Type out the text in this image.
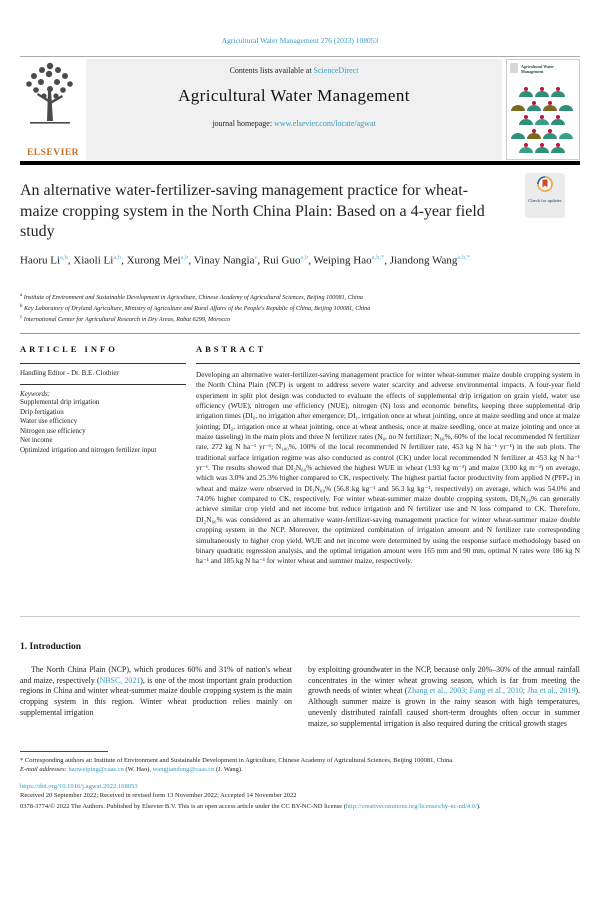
Agricultural Water Management 276 (2023) 108053
ELSEVIER
Contents lists available at ScienceDirect
Agricultural Water Management
journal homepage: www.elsevier.com/locate/agwat
Agricultural Water Management
An alternative water-fertilizer-saving management practice for wheat-maize cropping system in the North China Plain: Based on a 4-year field study
Check for updates

Haoru Li$^{a,b}$, Xiaoli Li$^{a,b}$, Xurong Mei$^{a,b}$, Vinay Nangia$^c$, Rui Guo$^{a,b}$, Weiping Hao$^{a,b,*}$, Jiandong Wang$^{a,b,*}$

$^a$ Institute of Environment and Sustainable Development in Agriculture, Chinese Academy of Agricultural Sciences, Beijing 100081, China
$^b$ Key Laboratory of Dryland Agriculture, Ministry of Agriculture and Rural Affairs of the People's Republic of China, Beijing 100081, China
$^c$ International Center for Agricultural Research in Dry Areas, Rabat 6299, Morocco
ARTICLE INFO
Handling Editor - Dr. B.E. Clothier
Keywords:
Supplemental drip irrigation
Drip fertigation
Water use efficiency
Nitrogen use efficiency
Net income
Optimized irrigation and nitrogen fertilizer input
ABSTRACT
Developing an alternative water-fertilizer-saving management practice for winter wheat-summer maize double cropping system in the North China Plain (NCP) is urgent to address severe water scarcity and adverse environmental impacts. A four-year field experiment in split plot design was conducted to evaluate the effects of supplemental drip irrigation on grain yield, water use efficiency (WUE), nitrogen use efficiency (NUE), nitrogen (N) loss and economic benefits, keeping three supplemental drip irrigation times (DI₀, no irrigation after emergence; DI₁, irrigation once at wheat jointing, once at maize seedling and once at maize jointing; DI₂, irrigation once at wheat jointing, once at wheat anthesis, once at maize seedling, once at maize jointing and once at maize tasseling) in the main plots and three N fertilizer rates (N₀, no N fertilizer; N₆₀%, 60% of the local recommended N fertilizer rate, 272 kg N ha⁻¹ yr⁻¹; N₁₀₀%, 100% of the local recommended N fertilizer rate, 453 kg N ha⁻¹ yr⁻¹) in the sub plots. The traditional surface irrigation regime was also conducted as control (CK) under local recommended N fertilizer at 453 kg N ha⁻¹ yr⁻¹. The results showed that DI₂N₆₀% achieved the highest WUE in wheat (1.93 kg m⁻³) and maize (3.00 kg m⁻³) on average, which was 3.0% and 25.3% higher compared to CK, respectively. The highest partial factor productivity from applied N (PFPₙ) in wheat and maize were observed in DI₂N₆₀% (56.8 kg kg⁻¹ and 56.3 kg kg⁻¹, respectively) on average, which was 54.0% and 74.0% higher compared to CK, respectively. For winter wheat-summer maize double cropping system, DI₂N₆₀% can generally achieve similar crop yield and net income but reduce irrigation and N fertilizer use and N loss compared to CK. Therefore, DI₂N₆₀% was considered as an alternative water-fertilizer-saving management practice for winter wheat-summer maize double cropping system in the NCP. Moreover, the optimized combination of irrigation amount and N fertilizer rate corresponding simultaneously to higher crop yield, WUE and net income were determined by using the response surface methodology based on binary quadratic regression analysis, and the optimal irrigation amount were 165 mm and 90 mm, optimal N rates were 186 kg N ha⁻¹ and 185 kg N ha⁻¹ for winter wheat and summer maize, respectively.
1. Introduction
The North China Plain (NCP), which produces 60% and 31% of nation's wheat and maize, respectively (NBSC, 2021), is one of the most important grain production regions in China and winter wheat-summer maize double cropping system is the main cropping system in this region. Winter wheat production relies mainly on supplemental irrigation
by exploiting groundwater in the NCP, because only 20%–30% of the annual rainfall concentrates in the winter wheat growing season, which is far from meeting the growth needs of winter wheat (Zhang et al., 2003; Fang et al., 2010; Jha et al., 2019). Although summer maize is grown in the rainy season with high temperatures, unevenly distributed rainfall caused short-term droughts often occur in summer maize, so supplemental irrigation is also required during the critical growth stages

* Corresponding authors at: Institute of Environment and Sustainable Development in Agriculture, Chinese Academy of Agricultural Sciences, Beijing 100081, China.

E-mail addresses: haoweiping@caas.cn (W. Hao), wangjiandong@caas.cn (J. Wang).

https://doi.org/10.1016/j.agwat.2022.108053

Received 20 September 2022; Received in revised form 13 November 2022; Accepted 14 November 2022

0378-3774/© 2022 The Authors. Published by Elsevier B.V. This is an open access article under the CC BY-NC-ND license (http://creativecommons.org/licenses/by-nc-nd/4.0/).
